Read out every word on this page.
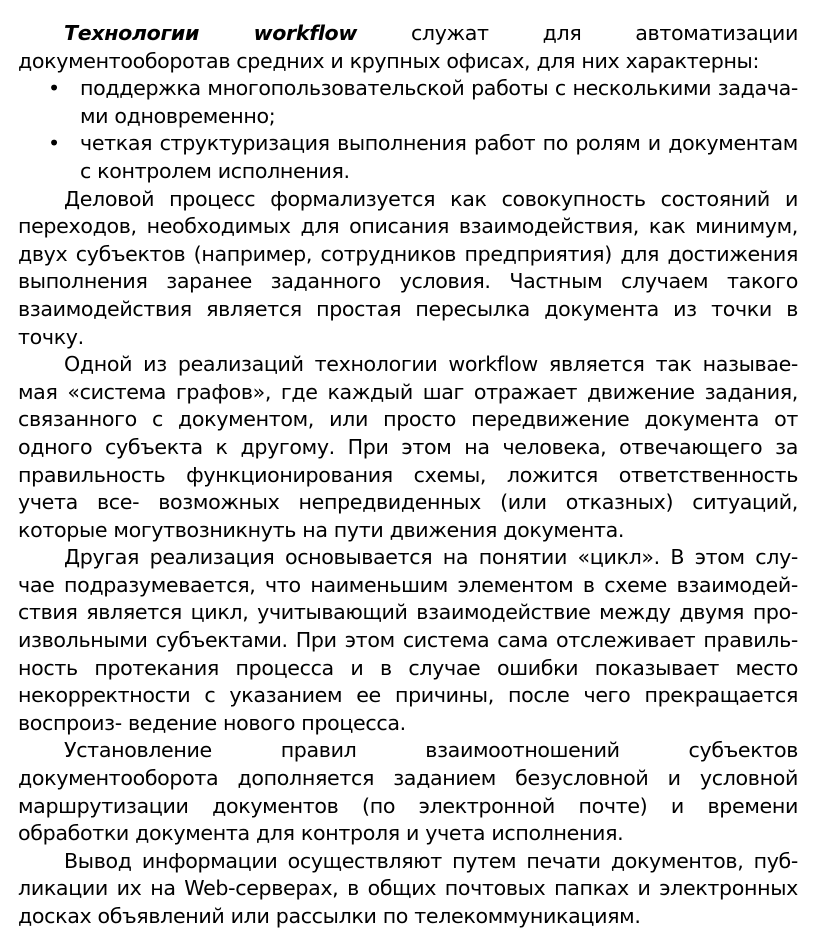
Технологии workflow	служат для автоматизации документооборотав средних и крупных офисах, для них характерны:

• поддержка многопользовательской работы с несколькими задача- ми одновременно;
• четкая структуризация выполнения работ по ролям и документам с контролем исполнения.

Деловой процесс формализуется как совокупность состояний и переходов, необходимых для описания взаимодействия, как минимум, двух субъектов (например, сотрудников предприятия) для достижения выполнения заранее заданного условия. Частным случаем такого взаимодействия является простая пересылка документа из точки в точку.

Одной из реализаций технологии workflow является так называе- мая «система графов», где каждый шаг отражает движение задания, связанного с документом, или просто передвижение документа от одного субъекта к другому. При этом на человека, отвечающего за правильность функционирования схемы, ложится ответственность учета все- возможных непредвиденных (или отказных) ситуаций, которые могутвозникнуть на пути движения документа.

Другая реализация основывается на понятии «цикл». В этом слу- чае подразумевается, что наименьшим элементом в схеме взаимодей- ствия является цикл, учитывающий взаимодействие между двумя про- извольными субъектами. При этом система сама отслеживает правиль- ность протекания процесса и в случае ошибки показывает место некорректности с указанием ее причины, после чего прекращается воспроиз- ведение нового процесса.

Установление правил взаимоотношений субъектов документооборота дополняется заданием безусловной и условной маршрутизации документов (по электронной почте) и времени обработки документа для контроля и учета исполнения.

Вывод информации осуществляют путем печати документов, пуб- ликации их на Web-серверах, в общих почтовых папках и электронных досках объявлений или рассылки по телекоммуникациям.
